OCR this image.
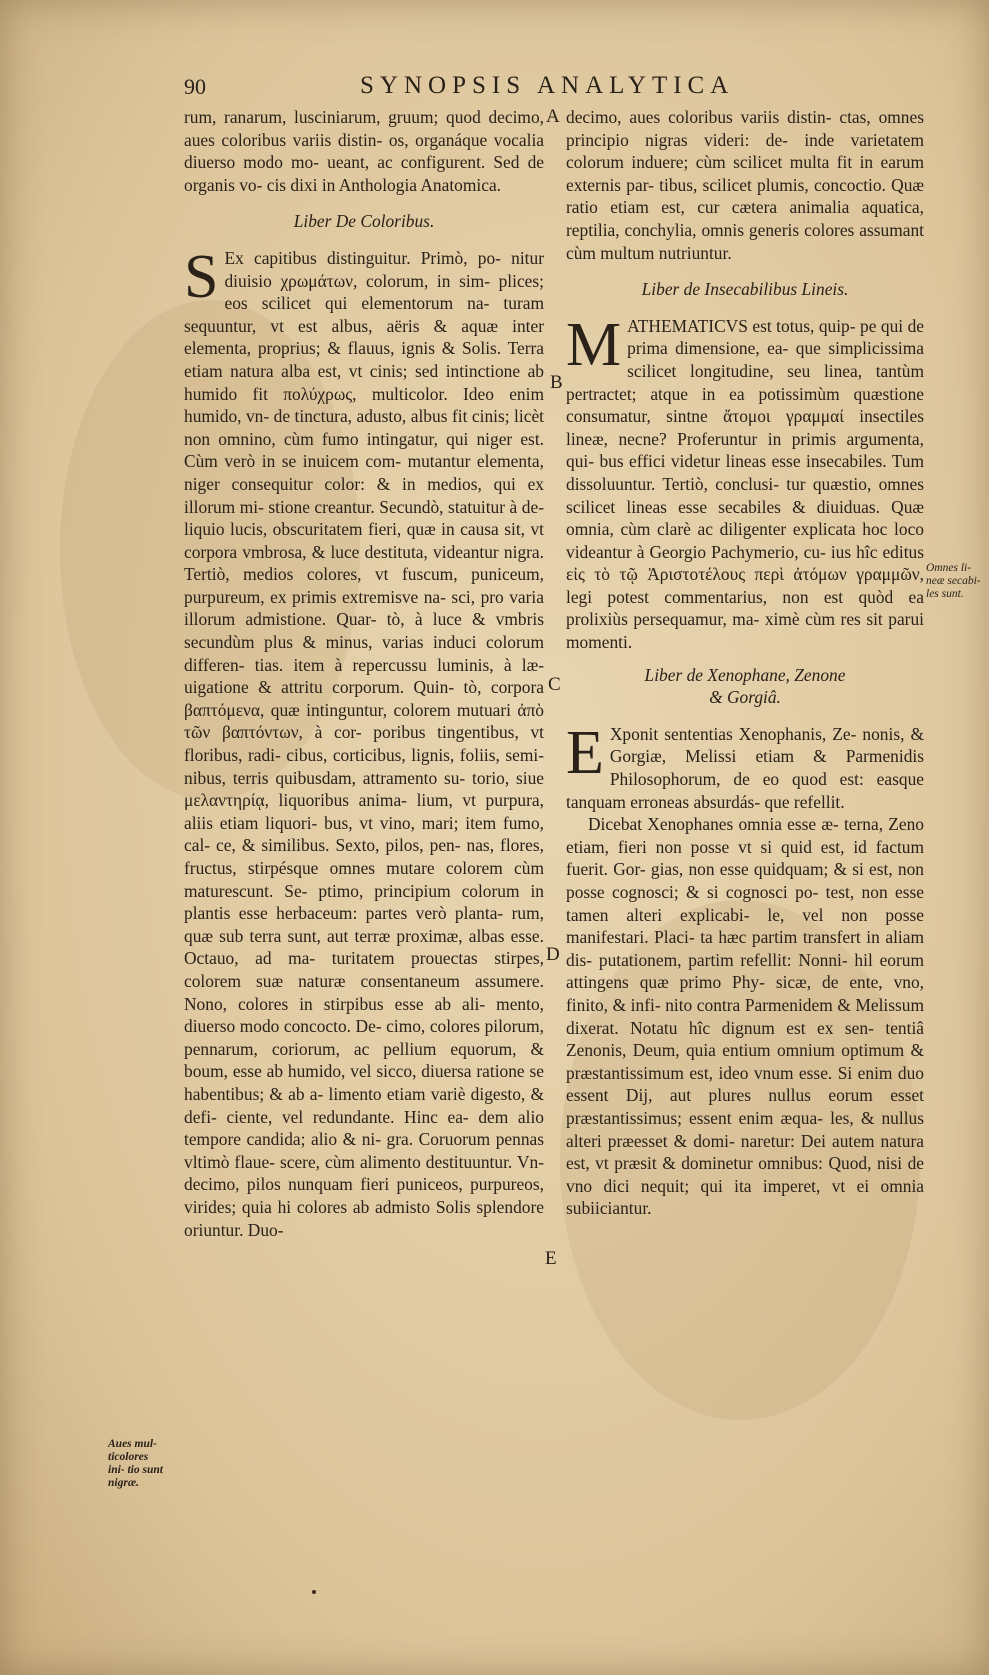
90	SYNOPSIS ANALYTICA

rum, ranarum, lusciniarum, gruum; quod decimo, aues coloribus variis distin- os, organáque vocalia diuerso modo mo- ueant, ac configurent. Sed de organis vo- cis dixi in Anthologia Anatomica.

Liber De Coloribus.

S Ex capitibus distinguitur. Primò, po- nitur diuisio χρωμάτων, colorum, in sim- plices; eos scilicet qui elementorum na- turam sequuntur, vt est albus, aëris & aquæ inter elementa, proprius; & flauus, ignis & Solis. Terra etiam natura alba est, vt cinis; sed intinctione ab humido fit πολύχρως, multicolor. Ideo enim humido, vn- de tinctura, adusto, albus fit cinis; licèt non omnino, cùm fumo intingatur, qui niger est. Cùm verò in se inuicem com- mutantur elementa, niger consequitur color: & in medios, qui ex illorum mi- stione creantur. Secundò, statuitur à de- liquio lucis, obscuritatem fieri, quæ in causa sit, vt corpora vmbrosa, & luce destituta, videantur nigra. Tertiò, medios colores, vt fuscum, puniceum, purpureum, ex primis extremisve na- sci, pro varia illorum admistione. Quar- tò, à luce & vmbris secundùm plus & minus, varias induci colorum differen- tias. item à repercussu luminis, à læ- uigatione & attritu corporum. Quin- tò, corpora βαπτόμενα, quæ intinguntur, colorem mutuari ἀπὸ τῶν βαπτόντων, à cor- poribus tingentibus, vt floribus, radi- cibus, corticibus, lignis, foliis, semi- nibus, terris quibusdam, attramento su- torio, siue μελαντηρίᾳ, liquoribus anima- lium, vt purpura, aliis etiam liquori- bus, vt vino, mari; item fumo, cal- ce, & similibus. Sexto, pilos, pen- nas, flores, fructus, stirpésque omnes mutare colorem cùm maturescunt. Se- ptimo, principium colorum in plantis esse herbaceum: partes verò planta- rum, quæ sub terra sunt, aut terræ proximæ, albas esse. Octauo, ad ma- turitatem prouectas stirpes, colorem suæ naturæ consentaneum assumere. Nono, colores in stirpibus esse ab ali- mento, diuerso modo concocto. De- cimo, colores pilorum, pennarum, coriorum, ac pellium equorum, & boum, esse ab humido, vel sicco, diuersa ratione se habentibus; & ab a- limento etiam variè digesto, & defi- ciente, vel redundante. Hinc ea- dem alio tempore candida; alio & ni- gra. Coruorum pennas vltimò flaue- scere, cùm alimento destituuntur. Vn- decimo, pilos nunquam fieri puniceos, purpureos, virides; quia hi colores ab admisto Solis splendore oriuntur. Duo-

decimo, aues coloribus variis distin- ctas, omnes principio nigras videri: de- inde varietatem colorum induere; cùm scilicet multa fit in earum externis par- tibus, scilicet plumis, concoctio. Quæ ratio etiam est, cur cætera animalia aquatica, reptilia, conchylia, omnis generis colores assumant cùm multum nutriuntur.

Liber de Insecabilibus Lineis.

MATHEMATICVS est totus, quip- pe qui de prima dimensione, ea- que simplicissima scilicet longitudine, seu linea, tantùm pertractet; atque in ea potissimùm quæstione consumatur, sintne ἄτομοι γραμμαί insectiles lineæ, necne? Proferuntur in primis argumenta, qui- bus effici videtur lineas esse insecabiles. Tum dissoluuntur. Tertiò, conclusi- tur quæstio, omnes scilicet lineas esse secabiles & diuiduas. Quæ omnia, cùm clarè ac diligenter explicata hoc loco videantur à Georgio Pachymerio, cu- ius hîc editus εἰς τὸ τῷ Ἀριστοτέλους περὶ ἀτόμων γραμμῶν, legi potest commentarius, non est quòd ea prolixiùs persequamur, ma- ximè cùm res sit parui momenti.

Liber de Xenophane, Zenone
& Gorgiâ.

E Xponit sententias Xenophanis, Ze- nonis, & Gorgiæ, Melissi etiam & Parmenidis Philosophorum, de eo quod est: easque tanquam erroneas absurdás- que refellit.

Dicebat Xenophanes omnia esse æ- terna, Zeno etiam, fieri non posse vt si quid est, id factum fuerit. Gor- gias, non esse quidquam; & si est, non posse cognosci; & si cognosci po- test, non esse tamen alteri explicabi- le, vel non posse manifestari. Placi- ta hæc partim transfert in aliam dis- putationem, partim refellit: Nonni- hil eorum attingens quæ primo Phy- sicæ, de ente, vno, finito, & infi- nito contra Parmenidem & Melissum dixerat. Notatu hîc dignum est ex sen- tentiâ Zenonis, Deum, quia entium omnium optimum & præstantissimum est, ideo vnum esse. Si enim duo essent Dij, aut plures nullus eorum esset præstantissimus; essent enim æqua- les, & nullus alteri præesset & domi- naretur: Dei autem natura est, vt præsit & dominetur omnibus: Quod, nisi de vno dici nequit; qui ita imperet, vt ei omnia subiiciantur.

A
B
C
D
E
Omnes li- neæ secabi- les sunt.
Aues mul- ticolores ini- tio sunt nigræ.
